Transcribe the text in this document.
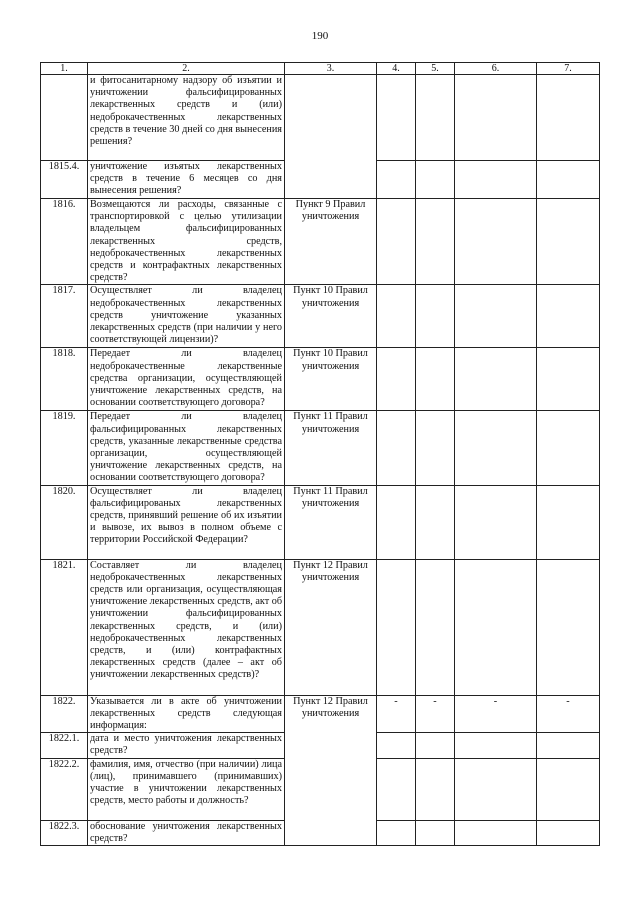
190
1.	2.	3.	4.	5.	6.	7.
	и фитосанитарному надзору об изъятии и уничтожении фальсифицированных лекарственных средств и (или) недоброкачественных лекарственных средств в течение 30 дней со дня вынесения решения?					
1815.4.	уничтожение изъятых лекарственных средств в течение 6 месяцев со дня вынесения решения?					
1816.	Возмещаются ли расходы, связанные с транспортировкой с целью утилизации владельцем фальсифицированных лекарственных средств, недоброкачественных лекарственных средств и контрафактных лекарственных средств?	Пункт 9 Правил уничтожения				
1817.	Осуществляет ли владелец недоброкачественных лекарственных средств уничтожение указанных лекарственных средств (при наличии у него соответствующей лицензии)?	Пункт 10 Правил уничтожения				
1818.	Передает ли владелец недоброкачественные лекарственные средства организации, осуществляющей уничтожение лекарственных средств, на основании соответствующего договора?	Пункт 10 Правил уничтожения				
1819.	Передает ли владелец фальсифицированных лекарственных средств, указанные лекарственные средства организации, осуществляющей уничтожение лекарственных средств, на основании соответствующего договора?	Пункт 11 Правил уничтожения				
1820.	Осуществляет ли владелец фальсифицированых лекарственных средств, принявший решение об их изъятии и вывозе, их вывоз в полном объеме с территории Российской Федерации?	Пункт 11 Правил уничтожения				
1821.	Составляет ли владелец недоброкачественных лекарственных средств или организация, осуществляющая уничтожение лекарственных средств, акт об уничтожении фальсифицированных лекарственных средств, и (или) недоброкачественных лекарственных средств, и (или) контрафактных лекарственных средств (далее – акт об уничтожении лекарственных средств)?	Пункт 12 Правил уничтожения				
1822.	Указывается ли в акте об уничтожении лекарственных средств следующая информация:	Пункт 12 Правил уничтожения	-	-	-	-
1822.1.	дата и место уничтожения лекарственных средств?					
1822.2.	фамилия, имя, отчество (при наличии) лица (лиц), принимавшего (принимавших) участие в уничтожении лекарственных средств, место работы и должность?					
1822.3.	обоснование уничтожения лекарственных средств?					
